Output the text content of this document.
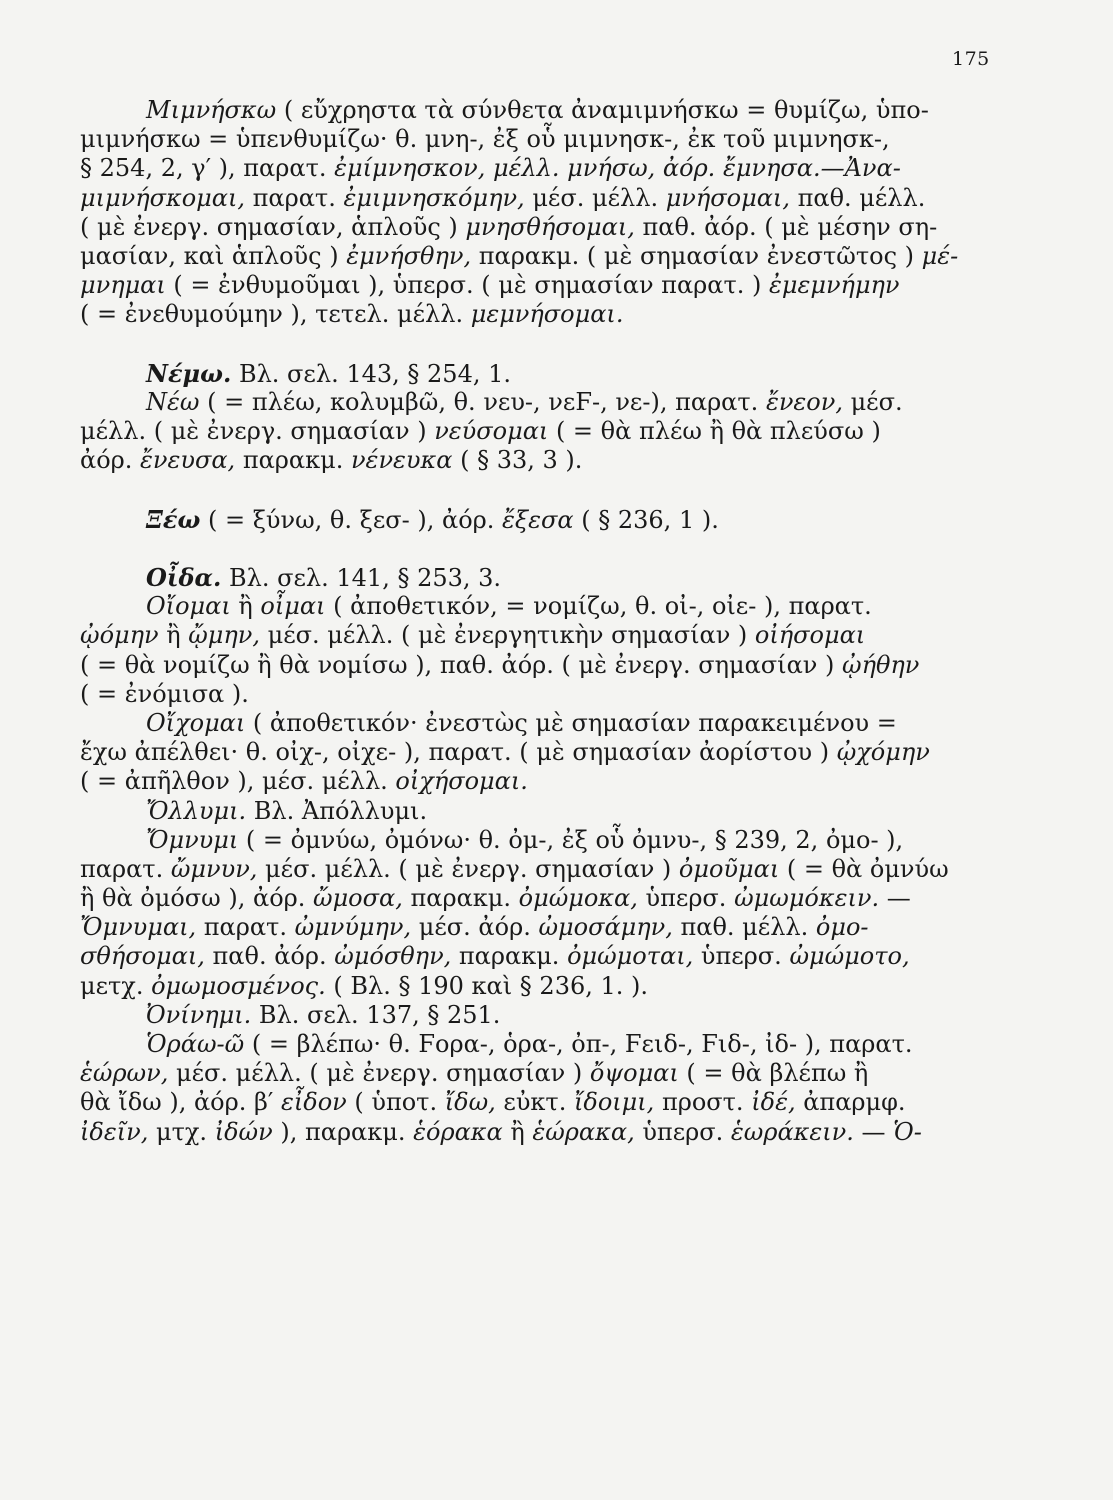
175
Μιμνήσκω ( εὔχρηστα τὰ σύνθετα ἀναμιμνήσκω = θυμίζω, ὑπο-
μιμνήσκω = ὑπενθυμίζω· θ. μνη-, ἐξ οὗ μιμνησκ-, ἐκ τοῦ μιμνησκ-,
§ 254, 2, γ′ ), παρατ. ἐμίμνησκον, μέλλ. μνήσω, ἀόρ. ἔμνησα.—Ἀνα-
μιμνήσκομαι, παρατ. ἐμιμνησκόμην, μέσ. μέλλ. μνήσομαι, παθ. μέλλ.
( μὲ ἐνεργ. σημασίαν, ἁπλοῦς ) μνησθήσομαι, παθ. ἀόρ. ( μὲ μέσην ση-
μασίαν, καὶ ἁπλοῦς ) ἐμνήσθην, παρακμ. ( μὲ σημασίαν ἐνεστῶτος ) μέ-
μνημαι ( = ἐνθυμοῦμαι ), ὑπερσ. ( μὲ σημασίαν παρατ. ) ἐμεμνήμην
( = ἐνεθυμούμην ), τετελ. μέλλ. μεμνήσομαι.
Νέμω. Βλ. σελ. 143, § 254, 1.
Νέω ( = πλέω, κολυμβῶ, θ. νευ-, νεϜ-, νε-), παρατ. ἔνεον, μέσ.
μέλλ. ( μὲ ἐνεργ. σημασίαν ) νεύσομαι ( = θὰ πλέω ἢ θὰ πλεύσω )
ἀόρ. ἔνευσα, παρακμ. νένευκα ( § 33, 3 ).
Ξέω ( = ξύνω, θ. ξεσ- ), ἀόρ. ἔξεσα ( § 236, 1 ).
Οἶδα. Βλ. σελ. 141, § 253, 3.
Οἴομαι ἢ οἶμαι ( ἀποθετικόν, = νομίζω, θ. οἰ-, οἰε- ), παρατ.
ᾠόμην ἢ ᾤμην, μέσ. μέλλ. ( μὲ ἐνεργητικὴν σημασίαν ) οἰήσομαι
( = θὰ νομίζω ἢ θὰ νομίσω ), παθ. ἀόρ. ( μὲ ἐνεργ. σημασίαν ) ᾠήθην
( = ἐνόμισα ).
Οἴχομαι ( ἀποθετικόν· ἐνεστὼς μὲ σημασίαν παρακειμένου =
ἔχω ἀπέλθει· θ. οἰχ-, οἰχε- ), παρατ. ( μὲ σημασίαν ἀορίστου ) ᾠχόμην
( = ἀπῆλθον ), μέσ. μέλλ. οἰχήσομαι.
Ὄλλυμι. Βλ. Ἀπόλλυμι.
Ὄμνυμι ( = ὀμνύω, ὀμόνω· θ. ὀμ-, ἐξ οὗ ὀμνυ-, § 239, 2, ὀμο- ),
παρατ. ὤμνυν, μέσ. μέλλ. ( μὲ ἐνεργ. σημασίαν ) ὀμοῦμαι ( = θὰ ὀμνύω
ἢ θὰ ὀμόσω ), ἀόρ. ὤμοσα, παρακμ. ὀμώμοκα, ὑπερσ. ὠμωμόκειν. —
Ὄμνυμαι, παρατ. ὠμνύμην, μέσ. ἀόρ. ὠμοσάμην, παθ. μέλλ. ὀμο-
σθήσομαι, παθ. ἀόρ. ὠμόσθην, παρακμ. ὀμώμοται, ὑπερσ. ὠμώμοτο,
μετχ. ὀμωμοσμένος. ( Βλ. § 190 καὶ § 236, 1. ).
Ὀνίνημι. Βλ. σελ. 137, § 251.
Ὁράω-ῶ ( = βλέπω· θ. Ϝορα-, ὁρα-, ὀπ-, Ϝειδ-, Ϝιδ-, ἰδ- ), παρατ.
ἑώρων, μέσ. μέλλ. ( μὲ ἐνεργ. σημασίαν ) ὄψομαι ( = θὰ βλέπω ἢ
θὰ ἴδω ), ἀόρ. β′ εἶδον ( ὑποτ. ἴδω, εὐκτ. ἴδοιμι, προστ. ἰδέ, ἀπαρμφ.
ἰδεῖν, μτχ. ἰδών ), παρακμ. ἑόρακα ἢ ἑώρακα, ὑπερσ. ἑωράκειν. — Ὁ-
